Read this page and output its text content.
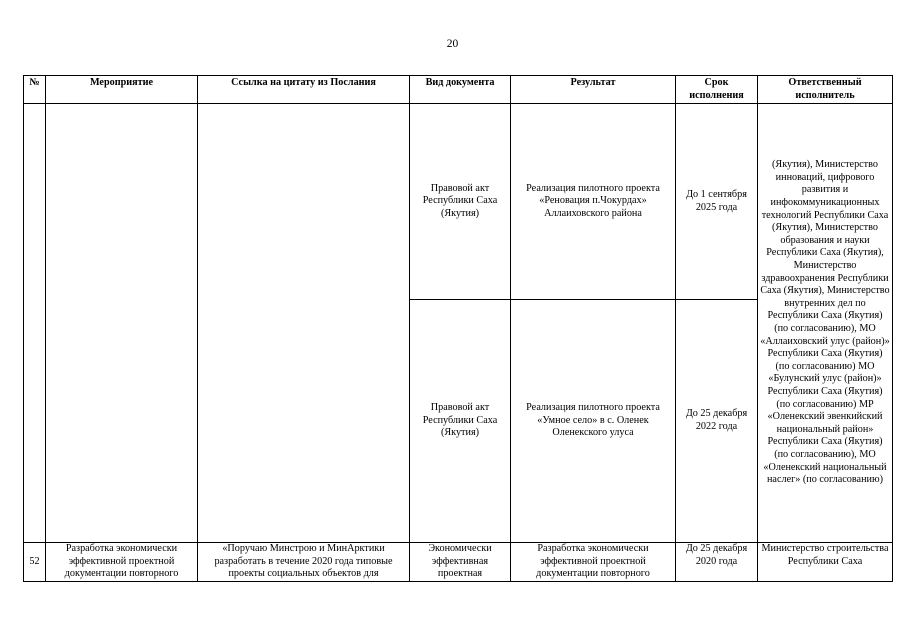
20
№	Мероприятие	Ссылка на цитату из Послания	Вид документа	Результат	Срок исполнения	Ответственный исполнитель
			Правовой акт Республики Саха (Якутия)	Реализация пилотного проекта «Реновация п.Чокурдах» Аллаиховского района	До 1 сентября 2025 года	(Якутия), Министерство инноваций, цифрового развития и инфокоммуникационных технологий Республики Саха (Якутия), Министерство образования и науки Республики Саха (Якутия), Министерство здравоохранения Республики Саха (Якутия), Министерство внутренних дел по Республики Саха (Якутия) (по согласованию), МО «Аллаиховский улус (район)» Республики Саха (Якутия) (по согласованию) МО «Булунский улус (район)» Республики Саха (Якутия) (по согласованию) МР «Оленекский эвенкийский национальный район» Республики Саха (Якутия) (по согласованию), МО «Оленекский национальный наслег» (по согласованию)

			Правовой акт Республики Саха (Якутия)	Реализация пилотного проекта «Умное село» в с. Оленек Оленекского улуса	До 25 декабря 2022 года	
52	Разработка экономически эффективной проектной документации повторного	«Поручаю Минстрою и МинАрктики разработать в течение 2020 года типовые проекты социальных объектов для	Экономически эффективная проектная	Разработка экономически эффективной проектной документации повторного	До 25 декабря 2020 года	Министерство строительства Республики Саха
